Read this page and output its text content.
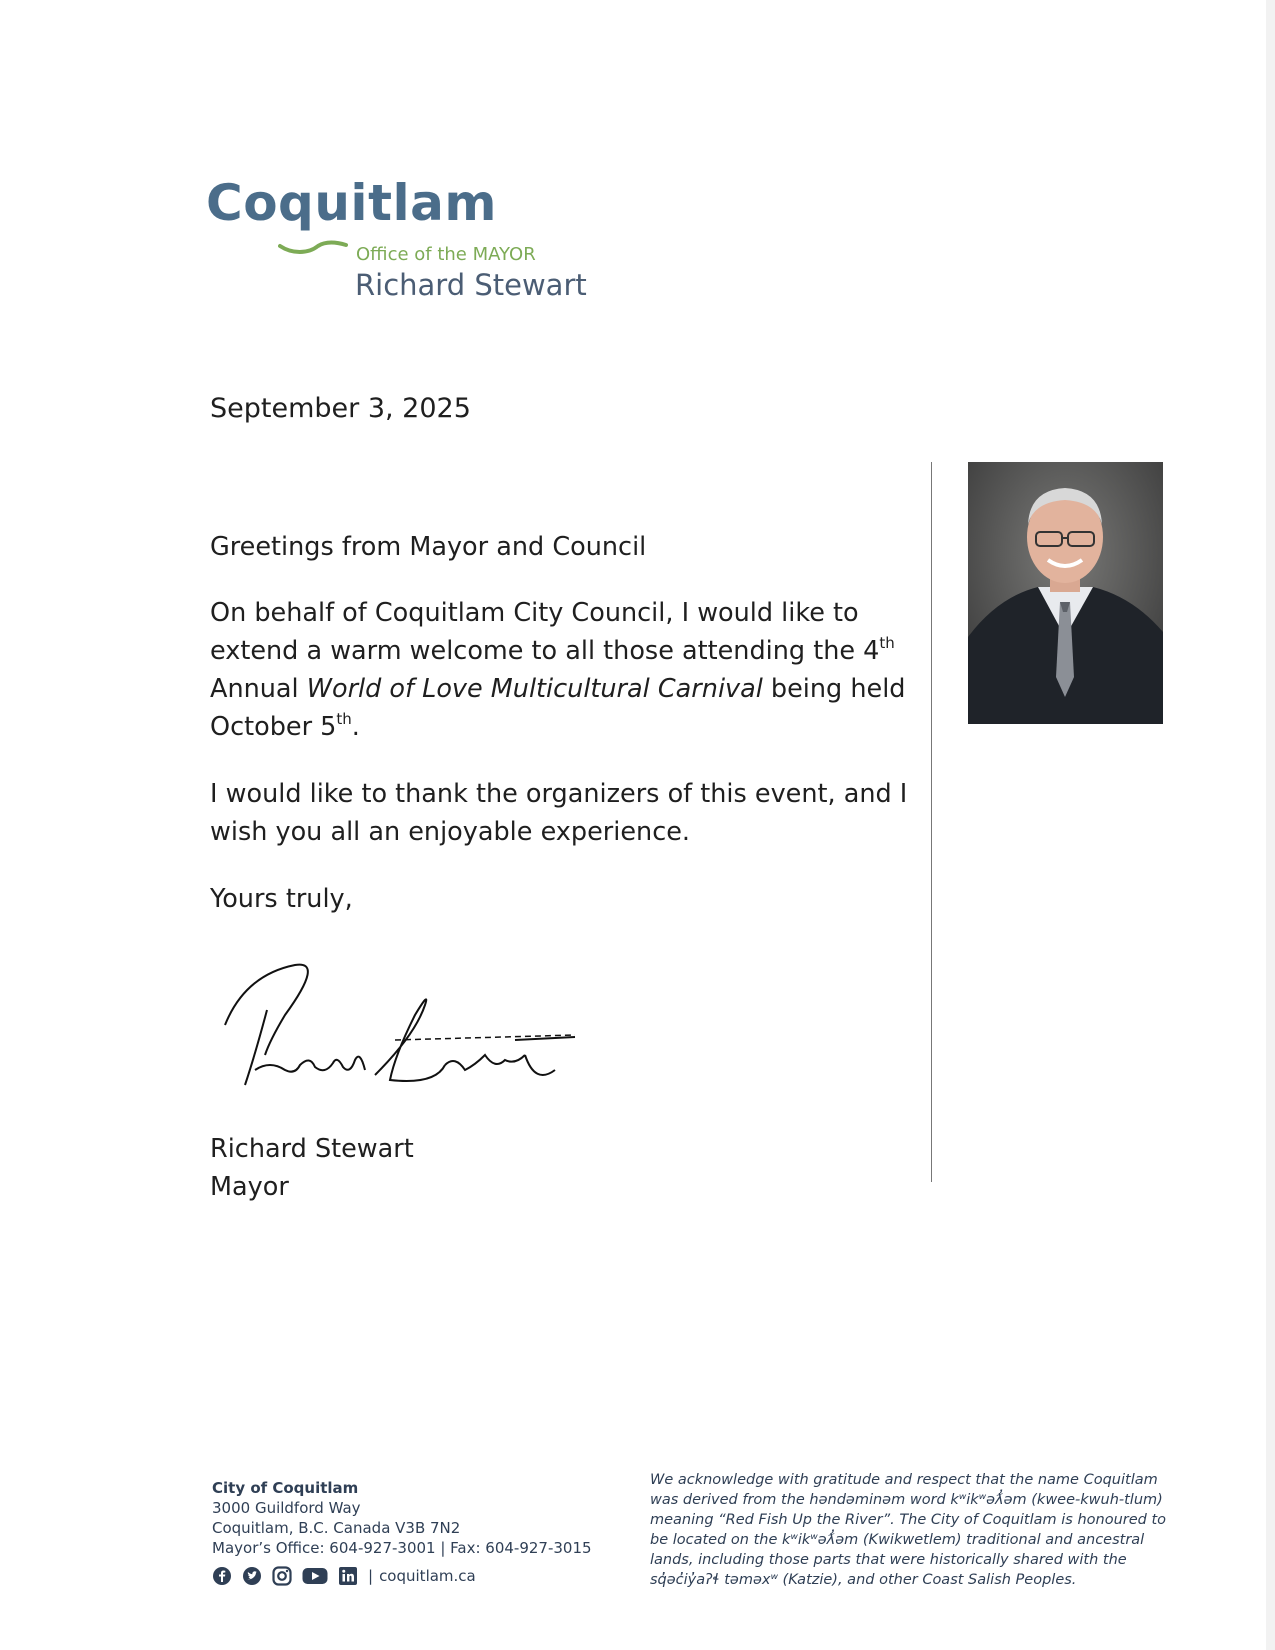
Coquitlam
Office of the MAYOR
Richard Stewart
September 3, 2025
Greetings from Mayor and Council
On behalf of Coquitlam City Council, I would like to extend a warm welcome to all those attending the 4th Annual World of Love Multicultural Carnival being held October 5th.
I would like to thank the organizers of this event, and I wish you all an enjoyable experience.
Yours truly,
Richard Stewart
Mayor
City of Coquitlam
3000 Guildford Way
Coquitlam, B.C. Canada V3B 7N2
Mayor’s Office: 604-927-3001 | Fax: 604-927-3015
| coquitlam.ca
We acknowledge with gratitude and respect that the name Coquitlam was derived from the həndəminəm word kʷikʷəƛ̓əm (kwee-kwuh-tlum) meaning “Red Fish Up the River”. The City of Coquitlam is honoured to be located on the kʷikʷəƛ̓əm (Kwikwetlem) traditional and ancestral lands, including those parts that were historically shared with the sq̓əc̓iy̓aʔɬ təməxʷ (Katzie), and other Coast Salish Peoples.
